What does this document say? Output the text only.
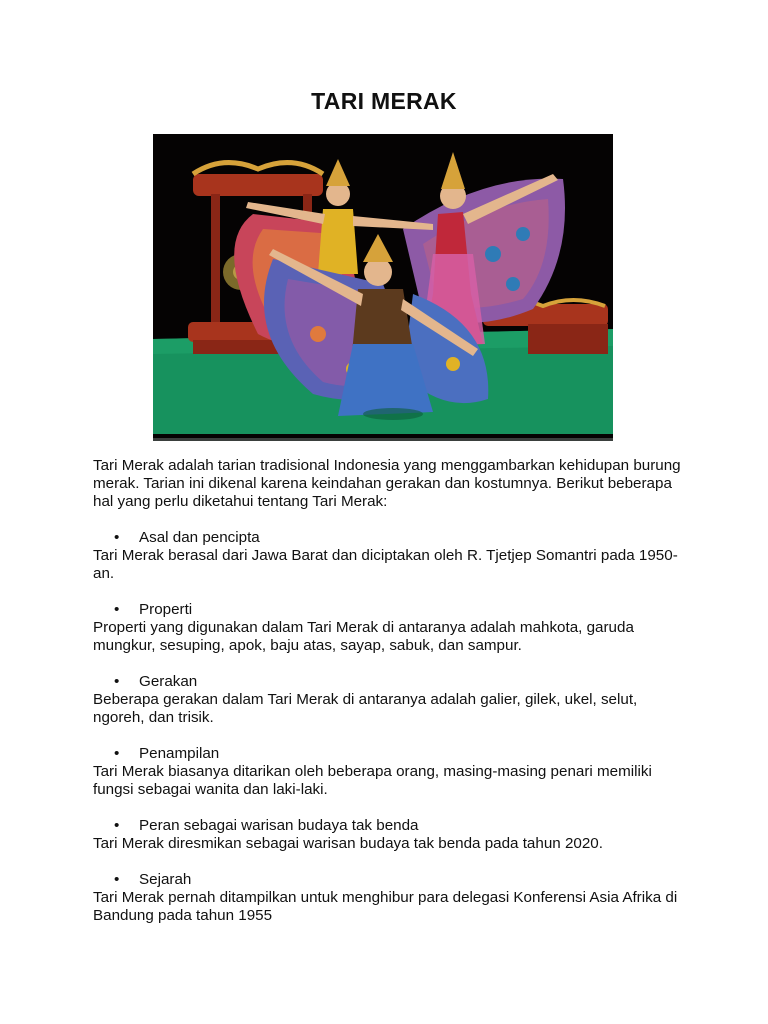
TARI MERAK

Tari Merak adalah tarian tradisional Indonesia yang menggambarkan kehidupan burung merak. Tarian ini dikenal karena keindahan gerakan dan kostumnya. Berikut beberapa hal yang perlu diketahui tentang Tari Merak:

• Asal dan pencipta

Tari Merak berasal dari Jawa Barat dan diciptakan oleh R. Tjetjep Somantri pada 1950-an.

• Properti

Properti yang digunakan dalam Tari Merak di antaranya adalah mahkota, garuda mungkur, sesuping, apok, baju atas, sayap, sabuk, dan sampur.

• Gerakan

Beberapa gerakan dalam Tari Merak di antaranya adalah galier, gilek, ukel, selut, ngoreh, dan trisik.

• Penampilan

Tari Merak biasanya ditarikan oleh beberapa orang, masing-masing penari memiliki fungsi sebagai wanita dan laki-laki.

• Peran sebagai warisan budaya tak benda

Tari Merak diresmikan sebagai warisan budaya tak benda pada tahun 2020.

• Sejarah

Tari Merak pernah ditampilkan untuk menghibur para delegasi Konferensi Asia Afrika di Bandung pada tahun 1955
